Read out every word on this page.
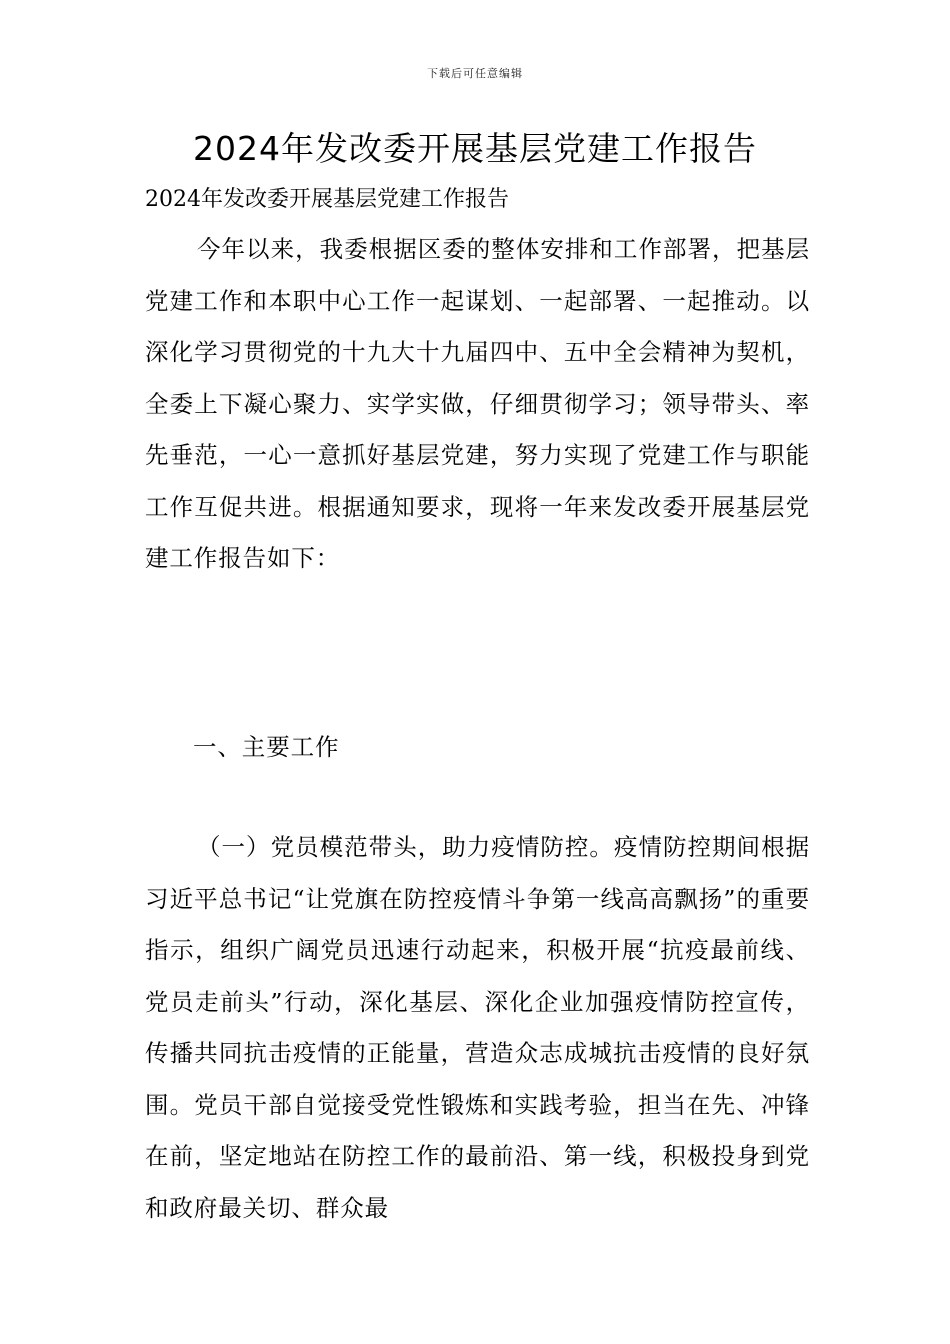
下载后可任意编辑
2024年发改委开展基层党建工作报告
2024年发改委开展基层党建工作报告

今年以来，我委根据区委的整体安排和工作部署，把基层党建工作和本职中心工作一起谋划、一起部署、一起推动。以深化学习贯彻党的十九大十九届四中、五中全会精神为契机，全委上下凝心聚力、实学实做，仔细贯彻学习；领导带头、率先垂范，一心一意抓好基层党建，努力实现了党建工作与职能工作互促共进。根据通知要求，现将一年来发改委开展基层党建工作报告如下：

一、主要工作

（一）党员模范带头，助力疫情防控。疫情防控期间根据习近平总书记“让党旗在防控疫情斗争第一线高高飘扬”的重要指示，组织广阔党员迅速行动起来，积极开展“抗疫最前线、党员走前头”行动，深化基层、深化企业加强疫情防控宣传，传播共同抗击疫情的正能量，营造众志成城抗击疫情的良好氛围。党员干部自觉接受党性锻炼和实践考验，担当在先、冲锋在前，坚定地站在防控工作的最前沿、第一线，积极投身到党和政府最关切、群众最
